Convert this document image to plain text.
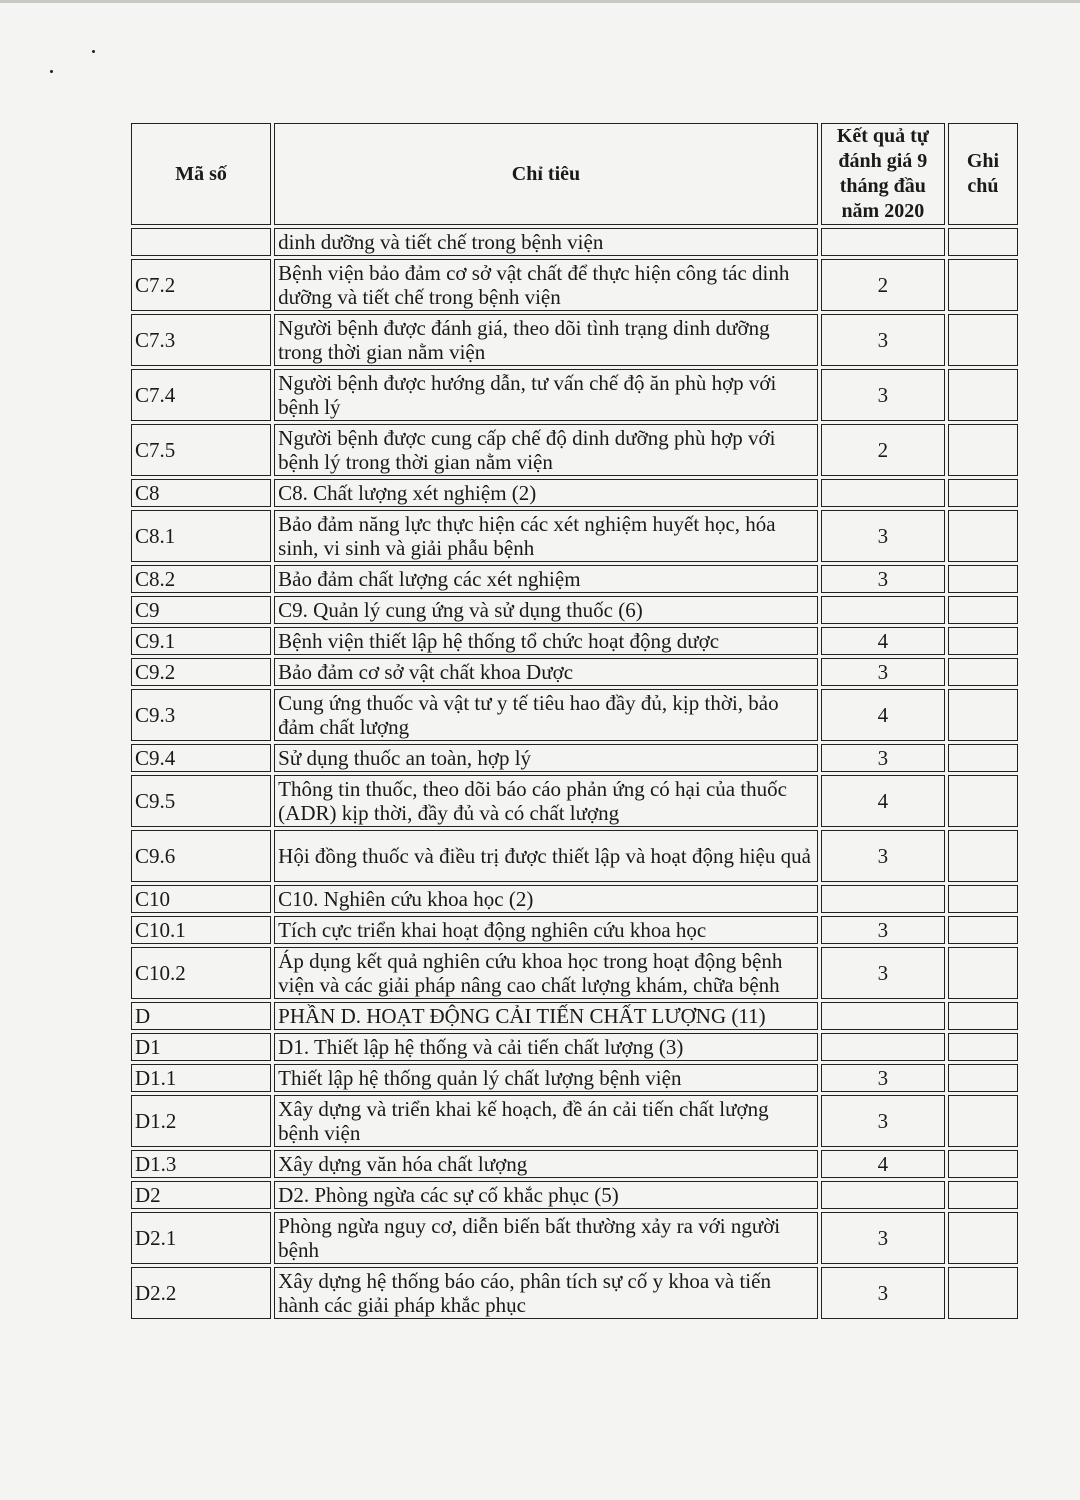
Mã số	Chỉ tiêu	Kết quả tự đánh giá 9 tháng đầu năm 2020	Ghi chú
	dinh dưỡng và tiết chế trong bệnh viện		
C7.2	Bệnh viện bảo đảm cơ sở vật chất để thực hiện công tác dinh dưỡng và tiết chế trong bệnh viện	2	
C7.3	Người bệnh được đánh giá, theo dõi tình trạng dinh dưỡng trong thời gian nằm viện	3	
C7.4	Người bệnh được hướng dẫn, tư vấn chế độ ăn phù hợp với bệnh lý	3	
C7.5	Người bệnh được cung cấp chế độ dinh dưỡng phù hợp với bệnh lý trong thời gian nằm viện	2	
C8	C8. Chất lượng xét nghiệm (2)		
C8.1	Bảo đảm năng lực thực hiện các xét nghiệm huyết học, hóa sinh, vi sinh và giải phẫu bệnh	3	
C8.2	Bảo đảm chất lượng các xét nghiệm	3	
C9	C9. Quản lý cung ứng và sử dụng thuốc (6)		
C9.1	Bệnh viện thiết lập hệ thống tổ chức hoạt động dược	4	
C9.2	Bảo đảm cơ sở vật chất khoa Dược	3	
C9.3	Cung ứng thuốc và vật tư y tế tiêu hao đầy đủ, kịp thời, bảo đảm chất lượng	4	
C9.4	Sử dụng thuốc an toàn, hợp lý	3	
C9.5	Thông tin thuốc, theo dõi báo cáo phản ứng có hại của thuốc (ADR) kịp thời, đầy đủ và có chất lượng	4	
C9.6	Hội đồng thuốc và điều trị được thiết lập và hoạt động hiệu quả	3	
C10	C10. Nghiên cứu khoa học (2)		
C10.1	Tích cực triển khai hoạt động nghiên cứu khoa học	3	
C10.2	Áp dụng kết quả nghiên cứu khoa học trong hoạt động bệnh viện và các giải pháp nâng cao chất lượng khám, chữa bệnh	3	
D	PHẦN D. HOẠT ĐỘNG CẢI TIẾN CHẤT LƯỢNG (11)		
D1	D1. Thiết lập hệ thống và cải tiến chất lượng (3)		
D1.1	Thiết lập hệ thống quản lý chất lượng bệnh viện	3	
D1.2	Xây dựng và triển khai kế hoạch, đề án cải tiến chất lượng bệnh viện	3	
D1.3	Xây dựng văn hóa chất lượng	4	
D2	D2. Phòng ngừa các sự cố khắc phục (5)		
D2.1	Phòng ngừa nguy cơ, diễn biến bất thường xảy ra với người bệnh	3	
D2.2	Xây dựng hệ thống báo cáo, phân tích sự cố y khoa và tiến hành các giải pháp khắc phục	3	
